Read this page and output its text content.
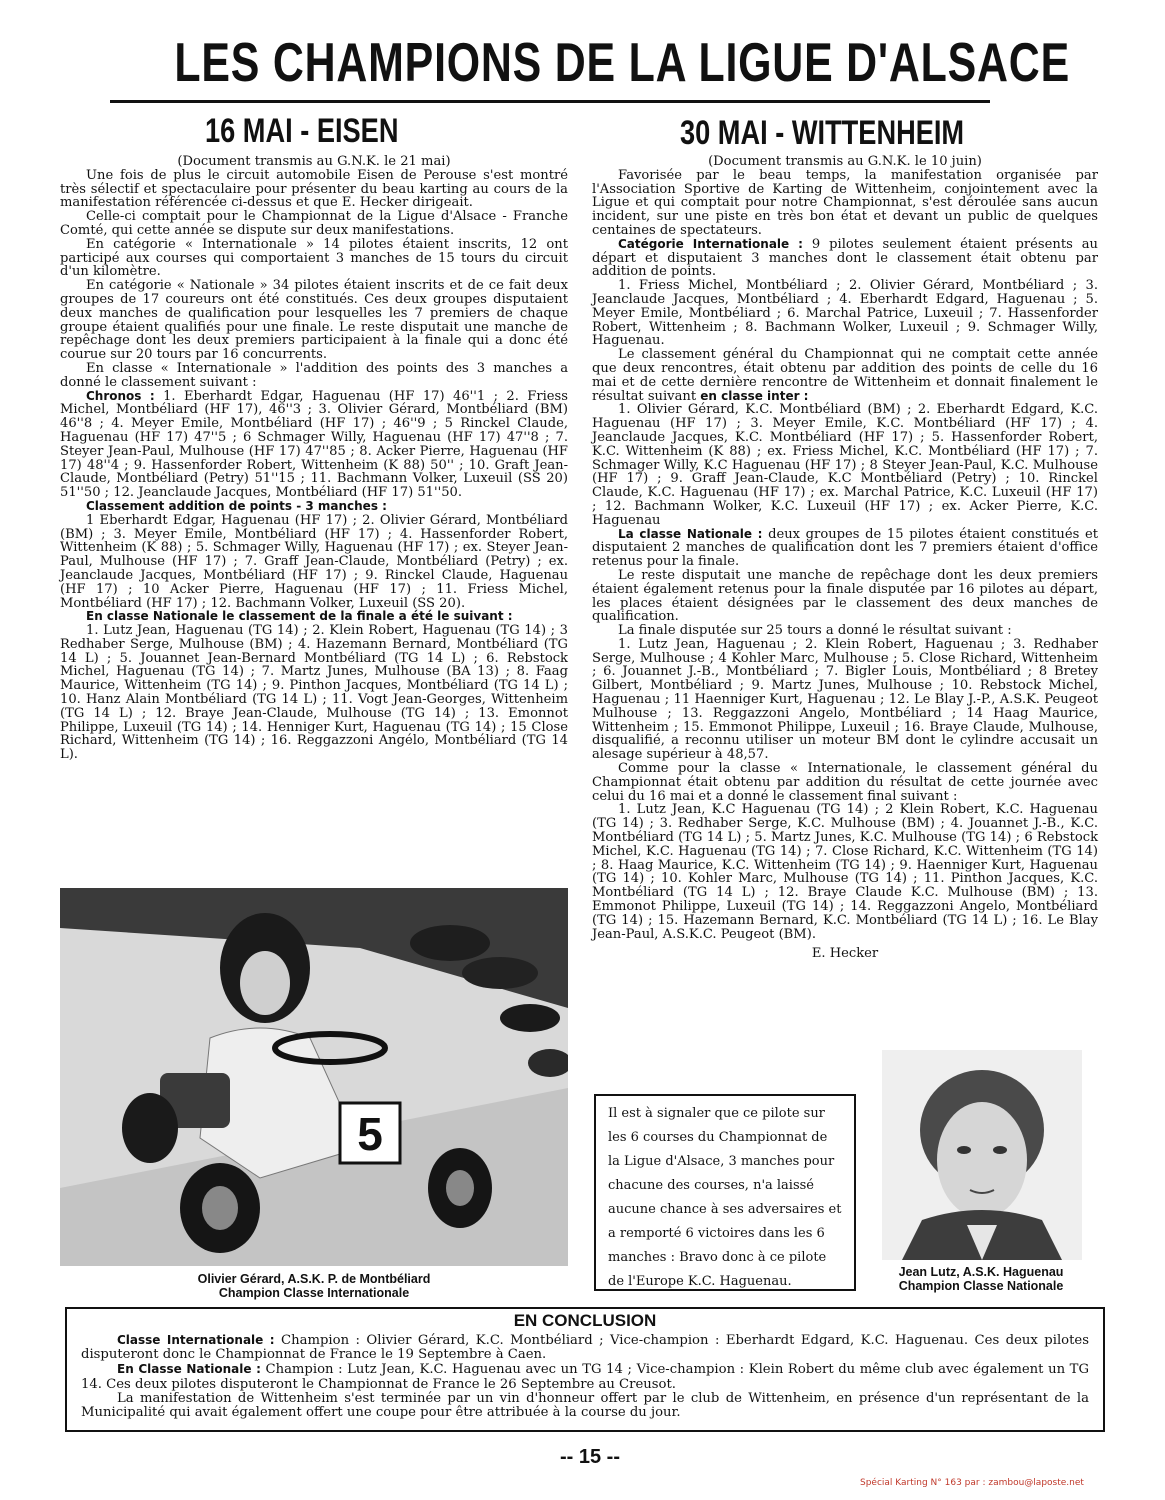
LES CHAMPIONS DE LA LIGUE D'ALSACE
16 MAI - EISEN

(Document transmis au G.N.K. le 21 mai)

Une fois de plus le circuit automobile Eisen de Perouse s'est montré très sélectif et spectaculaire pour présenter du beau karting au cours de la manifestation référencée ci-dessus et que E. Hecker dirigeait.

Celle-ci comptait pour le Championnat de la Ligue d'Alsace - Franche Comté, qui cette année se dispute sur deux manifestations.

En catégorie « Internationale » 14 pilotes étaient inscrits, 12 ont participé aux courses qui comportaient 3 manches de 15 tours du circuit d'un kilomètre.

En catégorie « Nationale » 34 pilotes étaient inscrits et de ce fait deux groupes de 17 coureurs ont été constitués. Ces deux groupes disputaient deux manches de qualification pour lesquelles les 7 premiers de chaque groupe étaient qualifiés pour une finale. Le reste disputait une manche de repêchage dont les deux premiers participaient à la finale qui a donc été courue sur 20 tours par 16 concurrents.

En classe « Internationale » l'addition des points des 3 manches a donné le classement suivant :

Chronos : 1. Eberhardt Edgar, Haguenau (HF 17) 46''1 ; 2. Friess Michel, Montbéliard (HF 17), 46''3 ; 3. Olivier Gérard, Montbéliard (BM) 46''8 ; 4. Meyer Emile, Montbéliard (HF 17) ; 46''9 ; 5 Rinckel Claude, Haguenau (HF 17) 47''5 ; 6 Schmager Willy, Haguenau (HF 17) 47''8 ; 7. Steyer Jean-Paul, Mulhouse (HF 17) 47''85 ; 8. Acker Pierre, Haguenau (HF 17) 48''4 ; 9. Hassenforder Robert, Wittenheim (K 88) 50'' ; 10. Graft Jean-Claude, Montbéliard (Petry) 51''15 ; 11. Bachmann Volker, Luxeuil (SS 20) 51''50 ; 12. Jeanclaude Jacques, Montbéliard (HF 17) 51''50.

Classement addition de points - 3 manches :

1 Eberhardt Edgar, Haguenau (HF 17) ; 2. Olivier Gérard, Montbéliard (BM) ; 3. Meyer Emile, Montbéliard (HF 17) ; 4. Hassenforder Robert, Wittenheim (K 88) ; 5. Schmager Willy, Haguenau (HF 17) ; ex. Steyer Jean-Paul, Mulhouse (HF 17) ; 7. Graff Jean-Claude, Montbéliard (Petry) ; ex. Jeanclaude Jacques, Montbéliard (HF 17) ; 9. Rinckel Claude, Haguenau (HF 17) ; 10 Acker Pierre, Haguenau (HF 17) ; 11. Friess Michel, Montbéliard (HF 17) ; 12. Bachmann Volker, Luxeuil (SS 20).

En classe Nationale le classement de la finale a été le suivant :

1. Lutz Jean, Haguenau (TG 14) ; 2. Klein Robert, Haguenau (TG 14) ; 3 Redhaber Serge, Mulhouse (BM) ; 4. Hazemann Bernard, Montbéliard (TG 14 L) ; 5. Jouannet Jean-Bernard Montbéliard (TG 14 L) ; 6. Rebstock Michel, Haguenau (TG 14) ; 7. Martz Junes, Mulhouse (BA 13) ; 8. Faag Maurice, Wittenheim (TG 14) ; 9. Pinthon Jacques, Montbéliard (TG 14 L) ; 10. Hanz Alain Montbéliard (TG 14 L) ; 11. Vogt Jean-Georges, Wittenheim (TG 14 L) ; 12. Braye Jean-Claude, Mulhouse (TG 14) ; 13. Emonnot Philippe, Luxeuil (TG 14) ; 14. Henniger Kurt, Haguenau (TG 14) ; 15 Close Richard, Wittenheim (TG 14) ; 16. Reggazzoni Angélo, Montbéliard (TG 14 L).

30 MAI - WITTENHEIM

(Document transmis au G.N.K. le 10 juin)

Favorisée par le beau temps, la manifestation organisée par l'Association Sportive de Karting de Wittenheim, conjointement avec la Ligue et qui comptait pour notre Championnat, s'est déroulée sans aucun incident, sur une piste en très bon état et devant un public de quelques centaines de spectateurs.

Catégorie Internationale : 9 pilotes seulement étaient présents au départ et disputaient 3 manches dont le classement était obtenu par addition de points.

1. Friess Michel, Montbéliard ; 2. Olivier Gérard, Montbéliard ; 3. Jeanclaude Jacques, Montbéliard ; 4. Eberhardt Edgard, Haguenau ; 5. Meyer Emile, Montbéliard ; 6. Marchal Patrice, Luxeuil ; 7. Hassenforder Robert, Wittenheim ; 8. Bachmann Wolker, Luxeuil ; 9. Schmager Willy, Haguenau.

Le classement général du Championnat qui ne comptait cette année que deux rencontres, était obtenu par addition des points de celle du 16 mai et de cette dernière rencontre de Wittenheim et donnait finalement le résultat suivant en classe inter :

1. Olivier Gérard, K.C. Montbéliard (BM) ; 2. Eberhardt Edgard, K.C. Haguenau (HF 17) ; 3. Meyer Emile, K.C. Montbéliard (HF 17) ; 4. Jeanclaude Jacques, K.C. Montbéliard (HF 17) ; 5. Hassenforder Robert, K.C. Wittenheim (K 88) ; ex. Friess Michel, K.C. Montbéliard (HF 17) ; 7. Schmager Willy, K.C Haguenau (HF 17) ; 8 Steyer Jean-Paul, K.C. Mulhouse (HF 17) ; 9. Graff Jean-Claude, K.C Montbéliard (Petry) ; 10. Rinckel Claude, K.C. Haguenau (HF 17) ; ex. Marchal Patrice, K.C. Luxeuil (HF 17) ; 12. Bachmann Wolker, K.C. Luxeuil (HF 17) ; ex. Acker Pierre, K.C. Haguenau

La classe Nationale : deux groupes de 15 pilotes étaient constitués et disputaient 2 manches de qualification dont les 7 premiers étaient d'office retenus pour la finale.

Le reste disputait une manche de repêchage dont les deux premiers étaient également retenus pour la finale disputée par 16 pilotes au départ, les places étaient désignées par le classement des deux manches de qualification.

La finale disputée sur 25 tours a donné le résultat suivant :

1. Lutz Jean, Haguenau ; 2. Klein Robert, Haguenau ; 3. Redhaber Serge, Mulhouse ; 4 Kohler Marc, Mulhouse ; 5. Close Richard, Wittenheim ; 6. Jouannet J.-B., Montbéliard ; 7. Bigler Louis, Montbéliard ; 8 Bretey Gilbert, Montbéliard ; 9. Martz Junes, Mulhouse ; 10. Rebstock Michel, Haguenau ; 11 Haenniger Kurt, Haguenau ; 12. Le Blay J.-P., A.S.K. Peugeot Mulhouse ; 13. Reggazzoni Angelo, Montbéliard ; 14 Haag Maurice, Wittenheim ; 15. Emmonot Philippe, Luxeuil ; 16. Braye Claude, Mulhouse, disqualifié, a reconnu utiliser un moteur BM dont le cylindre accusait un alesage supérieur à 48,57.

Comme pour la classe « Internationale, le classement général du Championnat était obtenu par addition du résultat de cette journée avec celui du 16 mai et a donné le classement final suivant :

1. Lutz Jean, K.C Haguenau (TG 14) ; 2 Klein Robert, K.C. Haguenau (TG 14) ; 3. Redhaber Serge, K.C. Mulhouse (BM) ; 4. Jouannet J.-B., K.C. Montbéliard (TG 14 L) ; 5. Martz Junes, K.C. Mulhouse (TG 14) ; 6 Rebstock Michel, K.C. Haguenau (TG 14) ; 7. Close Richard, K.C. Wittenheim (TG 14) ; 8. Haag Maurice, K.C. Wittenheim (TG 14) ; 9. Haenniger Kurt, Haguenau (TG 14) ; 10. Kohler Marc, Mulhouse (TG 14) ; 11. Pinthon Jacques, K.C. Montbéliard (TG 14 L) ; 12. Braye Claude K.C. Mulhouse (BM) ; 13. Emmonot Philippe, Luxeuil (TG 14) ; 14. Reggazzoni Angelo, Montbéliard (TG 14) ; 15. Hazemann Bernard, K.C. Montbéliard (TG 14 L) ; 16. Le Blay Jean-Paul, A.S.K.C. Peugeot (BM).

E. Hecker

5
Olivier Gérard, A.S.K. P. de Montbéliard
Champion Classe Internationale
Il est à signaler que ce pilote sur les 6 courses du Championnat de la Ligue d'Alsace, 3 manches pour chacune des courses, n'a laissé aucune chance à ses adversaires et a remporté 6 victoires dans les 6 manches : Bravo donc à ce pilote de l'Europe K.C. Haguenau.
Jean Lutz, A.S.K. Haguenau
Champion Classe Nationale
EN CONCLUSION

Classe Internationale : Champion : Olivier Gérard, K.C. Montbéliard ; Vice-champion : Eberhardt Edgard, K.C. Haguenau. Ces deux pilotes disputeront donc le Championnat de France le 19 Septembre à Caen.

En Classe Nationale : Champion : Lutz Jean, K.C. Haguenau avec un TG 14 ; Vice-champion : Klein Robert du même club avec également un TG 14. Ces deux pilotes disputeront le Championnat de France le 26 Septembre au Creusot.

La manifestation de Wittenheim s'est terminée par un vin d'honneur offert par le club de Wittenheim, en présence d'un représentant de la Municipalité qui avait également offert une coupe pour être attribuée à la course du jour.

-- 15 --
Spécial Karting N° 163 par : zambou@laposte.net
